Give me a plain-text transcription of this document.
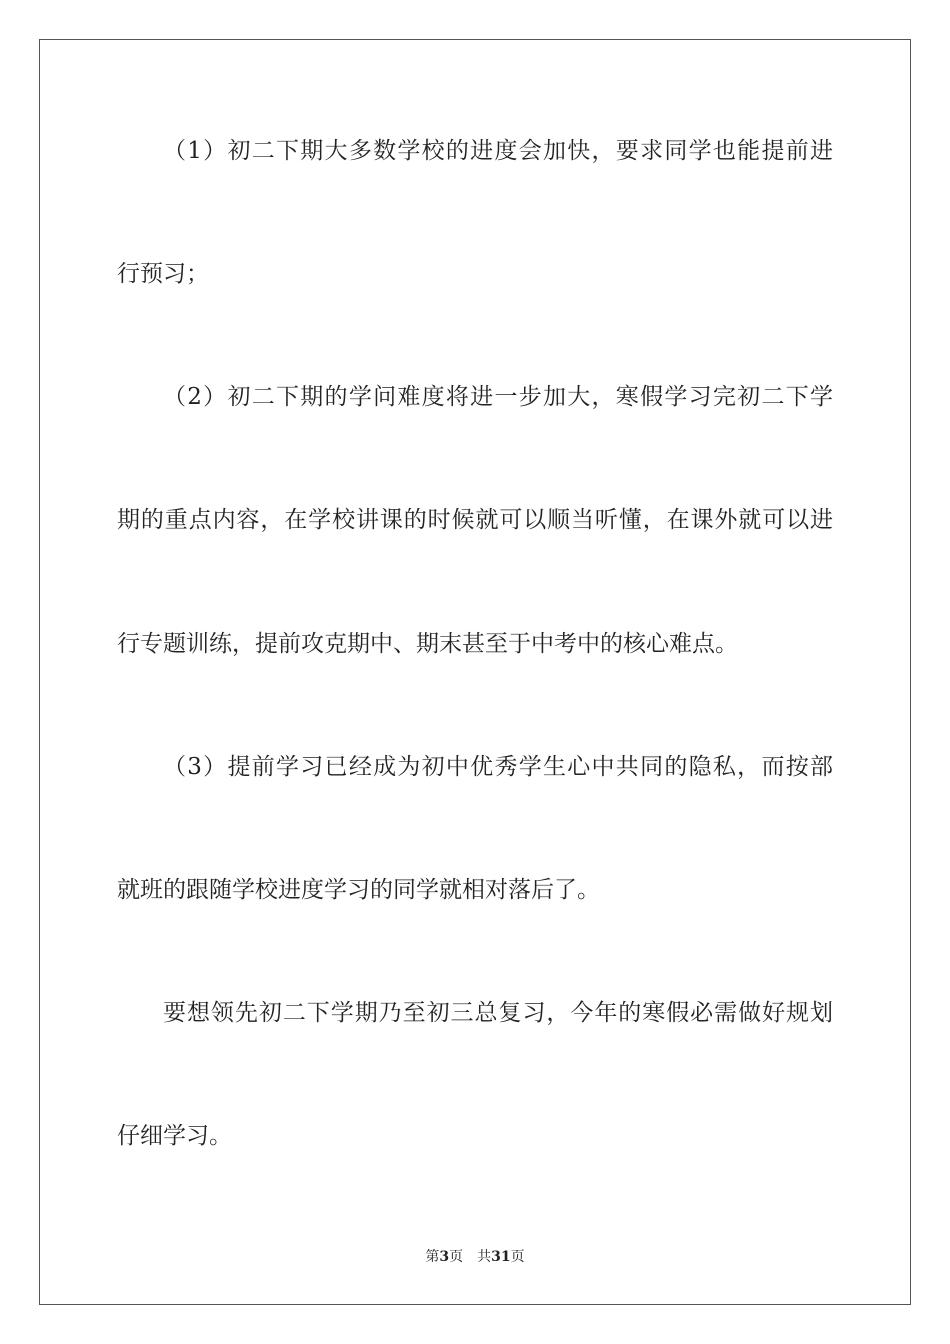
（1）初二下期大多数学校的进度会加快，要求同学也能提前进
行预习；
（2）初二下期的学问难度将进一步加大，寒假学习完初二下学
期的重点内容，在学校讲课的时候就可以顺当听懂，在课外就可以进
行专题训练，提前攻克期中、期末甚至于中考中的核心难点。
（3）提前学习已经成为初中优秀学生心中共同的隐私，而按部
就班的跟随学校进度学习的同学就相对落后了。
要想领先初二下学期乃至初三总复习，今年的寒假必需做好规划
仔细学习。
第3页 共31页
